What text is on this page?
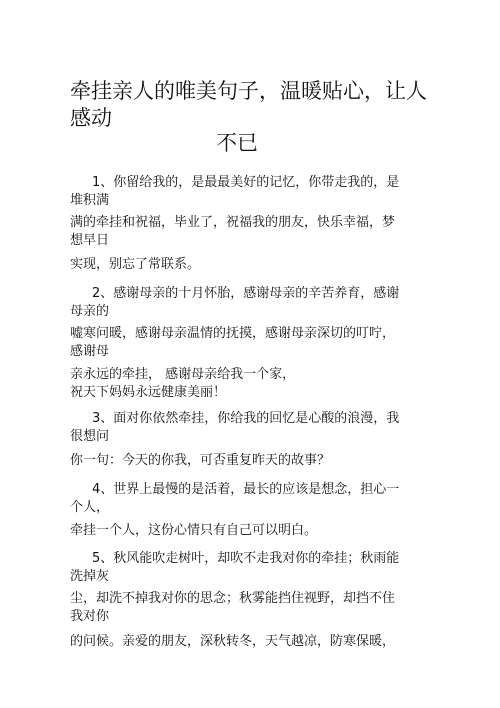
牵挂亲人的唯美句子，温暖贴心，让人
感动
不已
1、你留给我的，是最最美好的记忆，你带走我的，是
堆积满
满的牵挂和祝福，毕业了，祝福我的朋友，快乐幸福，梦
想早日
实现，别忘了常联系。
2、感谢母亲的十月怀胎，感谢母亲的辛苦养育，感谢
母亲的
嘘寒问暖，感谢母亲温情的抚摸，感谢母亲深切的叮咛，
感谢母
亲永远的牵挂， 感谢母亲给我一个家，
祝天下妈妈永远健康美丽！
3、面对你依然牵挂，你给我的回忆是心酸的浪漫，我
很想问
你一句：今天的你我，可否重复昨天的故事？
4、世界上最慢的是活着，最长的应该是想念，担心一
个人，
牵挂一个人，这份心情只有自己可以明白。
5、秋风能吹走树叶，却吹不走我对你的牵挂；秋雨能
洗掉灰
尘，却洗不掉我对你的思念；秋雾能挡住视野，却挡不住
我对你
的问候。亲爱的朋友，深秋转冬，天气越凉，防寒保暖，
